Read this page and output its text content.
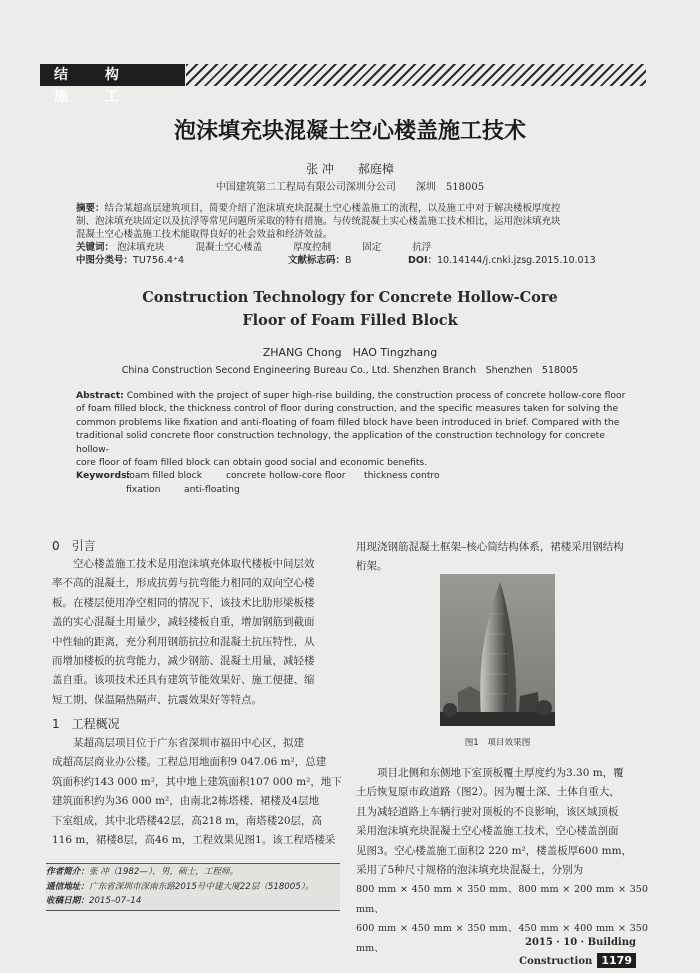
结 构 施 工
泡沫填充块混凝土空心楼盖施工技术
张 冲　　郝庭樟
中国建筑第二工程局有限公司深圳分公司　　深圳　518005
摘要：结合某超高层建筑项目，简要介绍了泡沫填充块混凝土空心楼盖施工的流程，以及施工中对于解决楼板厚度控
制、泡沫填充块固定以及抗浮等常见问题所采取的特有措施。与传统混凝土实心楼盖施工技术相比，运用泡沫填充块
混凝土空心楼盖施工技术能取得良好的社会效益和经济效益。
关键词： 泡沫填充块	混凝土空心楼盖	厚度控制	固定	抗浮
中图分类号：TU756.4⁺4	文献标志码：B	DOI：10.14144/j.cnki.jzsg.2015.10.013
Construction Technology for Concrete Hollow-Core
Floor of Foam Filled Block
ZHANG Chong　HAO Tingzhang
China Construction Second Engineering Bureau Co., Ltd. Shenzhen Branch　Shenzhen　518005
Abstract: Combined with the project of super high-rise building, the construction process of concrete hollow-core floor
of foam filled block, the thickness control of floor during construction, and the specific measures taken for solving the
common problems like fixation and anti-floating of foam filled block have been introduced in brief. Compared with the
traditional solid concrete floor construction technology, the application of the construction technology for concrete hollow-
core floor of foam filled block can obtain good social and economic benefits.
Keywords:
foam filled block	concrete hollow-core floor thickness contro
fixation	anti-floating
0　引言
空心楼盖施工技术是用泡沫填充体取代楼板中间层效
率不高的混凝土，形成抗剪与抗弯能力相同的双向空心楼
板。在楼层使用净空相同的情况下，该技术比肋形梁板楼
盖的实心混凝土用量少，减轻楼板自重，增加钢筋到截面
中性轴的距离，充分利用钢筋抗拉和混凝土抗压特性，从
而增加楼板的抗弯能力，减少钢筋、混凝土用量，减轻楼
盖自重。该项技术还具有建筑节能效果好、施工便捷、缩
短工期、保温隔热隔声、抗震效果好等特点。
1　工程概况
某超高层项目位于广东省深圳市福田中心区，拟建
成超高层商业办公楼。工程总用地面积9 047.06 m²，总建
筑面积约143 000 m²，其中地上建筑面积107 000 m²，地下
建筑面积约为36 000 m²，由南北2栋塔楼、裙楼及4层地
下室组成，其中北塔楼42层，高218 m，南塔楼20层，高
116 m，裙楼8层，高46 m，工程效果见图1。该工程塔楼采
作者简介：张 冲（1982—），男，硕士，工程师。
通信地址：广东省深圳市深南东路2015号中建大厦22层（518005）。
收稿日期：2015–07–14
用现浇钢筋混凝土框架–核心筒结构体系，裙楼采用钢结构
桁架。
图1　项目效果图
项目北侧和东侧地下室顶板覆土厚度约为3.30 m，覆
土后恢复原市政道路（图2）。因为覆土深、土体自重大，
且为减轻道路上车辆行驶对顶板的不良影响，该区域顶板
采用泡沫填充块混凝土空心楼盖施工技术，空心楼盖剖面
见图3。空心楼盖施工面积2 220 m²，楼盖板厚600 mm，
采用了5种尺寸规格的泡沫填充块混凝土，分别为
800 mm × 450 mm × 350 mm、800 mm × 200 mm × 350 mm、
600 mm × 450 mm × 350 mm、450 mm × 400 mm × 350 mm、
2015 · 10 · Building Construction 1179
